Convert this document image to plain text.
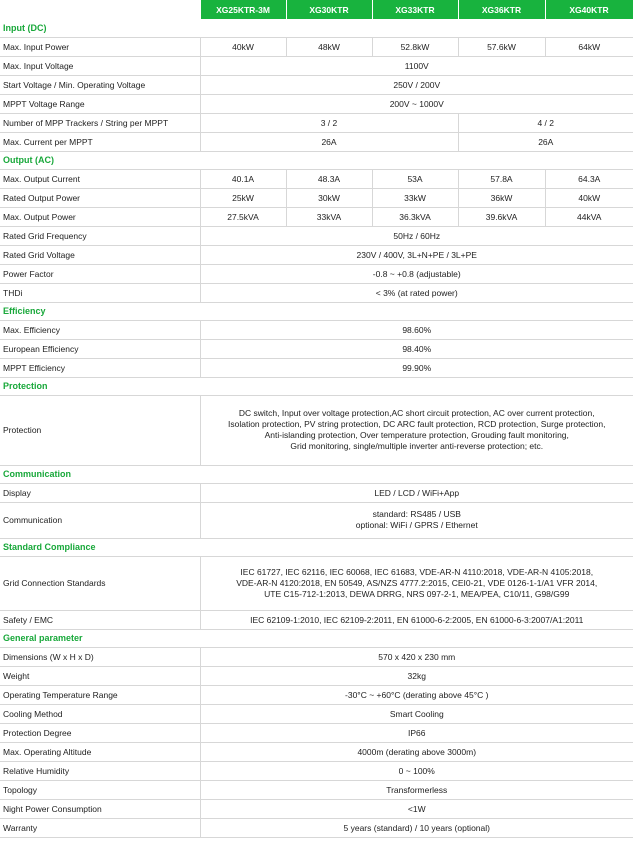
	XG25KTR-3M	XG30KTR	XG33KTR	XG36KTR	XG40KTR
Input (DC)					
Max. Input Power	40kW	48kW	52.8kW	57.6kW	64kW
Max. Input Voltage	1100V				
Start Voltage / Min. Operating Voltage	250V / 200V				
MPPT Voltage Range	200V ~ 1000V				
Number of MPP Trackers / String per MPPT	3 / 2			4 / 2	
Max. Current per MPPT	26A			26A	
Output (AC)					
Max. Output Current	40.1A	48.3A	53A	57.8A	64.3A
Rated Output Power	25kW	30kW	33kW	36kW	40kW
Max. Output Power	27.5kVA	33kVA	36.3kVA	39.6kVA	44kVA
Rated Grid Frequency	50Hz / 60Hz				
Rated Grid Voltage	230V / 400V, 3L+N+PE / 3L+PE				
Power Factor	-0.8 ~ +0.8 (adjustable)				
THDi	< 3% (at rated power)				
Efficiency					
Max. Efficiency	98.60%				
European Efficiency	98.40%				
MPPT Efficiency	99.90%				
Protection					
Protection	DC switch, Input over voltage protection,AC short circuit protection, AC over current protection,
Isolation protection, PV string protection, DC ARC fault protection, RCD protection, Surge protection,
Anti-islanding protection, Over temperature protection, Grouding fault monitoring,
Grid monitoring, single/multiple inverter anti-reverse protection; etc.				

Communication					
Display	LED / LCD / WiFi+App				
Communication	standard: RS485 / USB
optional: WiFi / GPRS / Ethernet				

Standard Compliance					
Grid Connection Standards	IEC 61727, IEC 62116, IEC 60068, IEC 61683, VDE-AR-N 4110:2018, VDE-AR-N 4105:2018,
VDE-AR-N 4120:2018, EN 50549, AS/NZS 4777.2:2015, CEI0-21, VDE 0126-1-1/A1 VFR 2014,
UTE C15-712-1:2013, DEWA DRRG, NRS 097-2-1, MEA/PEA, C10/11, G98/G99				

Safety / EMC	IEC 62109-1:2010, IEC 62109-2:2011, EN 61000-6-2:2005, EN 61000-6-3:2007/A1:2011				
General parameter					
Dimensions (W x H x D)	570 x 420 x 230 mm				
Weight	32kg				
Operating Temperature Range	-30°C ~ +60°C (derating above 45°C )				
Cooling Method	Smart Cooling				
Protection Degree	IP66				
Max. Operating Altitude	4000m (derating above 3000m)				
Relative Humidity	0 ~ 100%				
Topology	Transformerless				
Night Power Consumption	<1W				
Warranty	5 years (standard) / 10 years (optional)				
